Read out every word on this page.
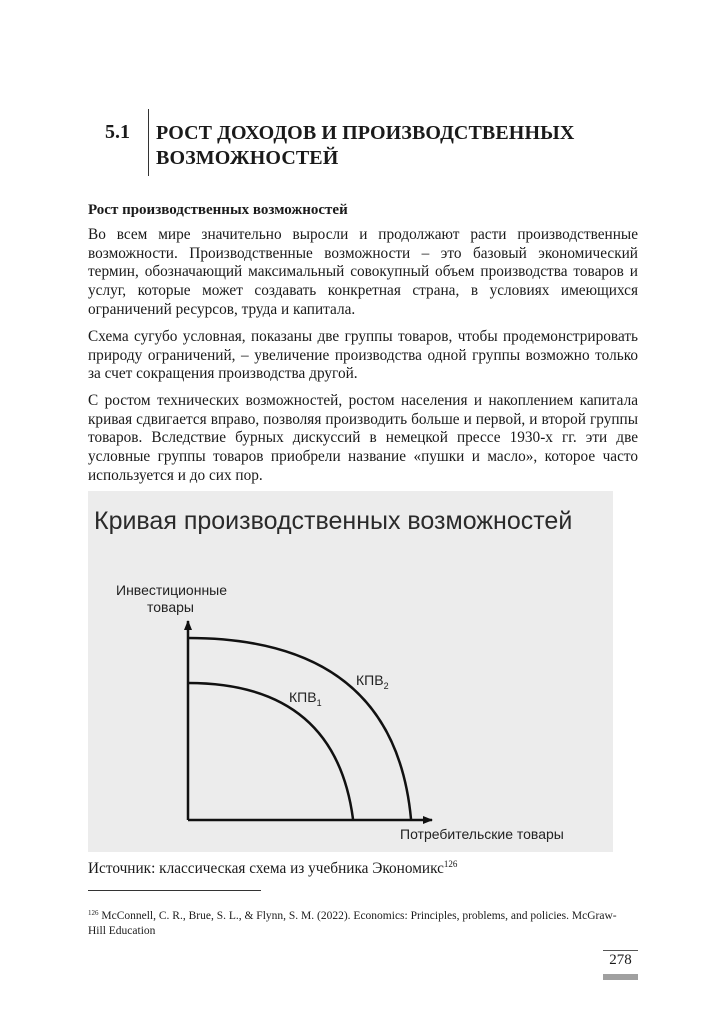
5.1 РОСТ ДОХОДОВ И ПРОИЗВОДСТВЕННЫХ
ВОЗМОЖНОСТЕЙ
Рост производственных возможностей

Во всем мире значительно выросли и продолжают расти производственные возможности. Производственные возможности – это базовый экономический термин, обозначающий максимальный совокупный объем производства товаров и услуг, которые может создавать конкретная страна, в условиях имеющихся ограничений ресурсов, труда и капитала.

Схема сугубо условная, показаны две группы товаров, чтобы продемонстрировать природу ограничений, – увеличение производства одной группы возможно только за счет сокращения производства другой.

С ростом технических возможностей, ростом населения и накоплением капитала кривая сдвигается вправо, позволяя производить больше и первой, и второй группы товаров. Вследствие бурных дискуссий в немецкой прессе 1930-х гг. эти две условные группы товаров приобрели название «пушки и масло», которое часто используется и до сих пор.

Кривая производственных возможностей
Инвестиционные
товары
$КПВ_1$
$КПВ_2$
Потребительские товары
Источник: классическая схема из учебника Экономикс$^{126}$
$^{126}$ McConnell, C. R., Brue, S. L., & Flynn, S. M. (2022). Economics: Principles, problems, and policies. McGraw-Hill Education
278
